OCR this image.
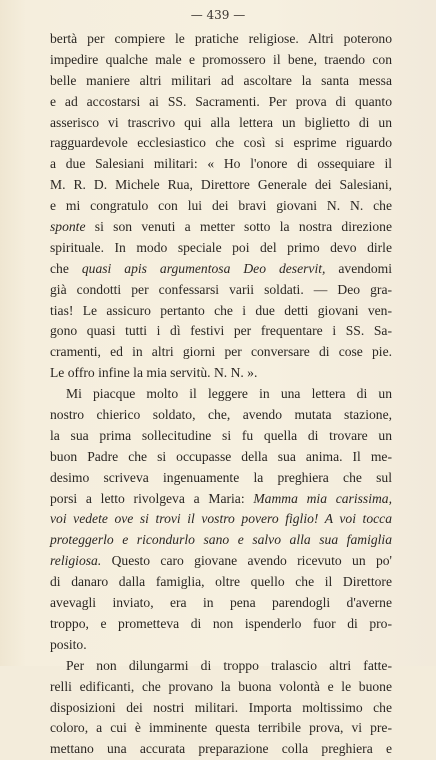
— 439 —
bertà per compiere le pratiche religiose. Altri poterono
impedire qualche male e promossero il bene, traendo con
belle maniere altri militari ad ascoltare la santa messa
e ad accostarsi ai SS. Sacramenti. Per prova di quanto
asserisco vi trascrivo qui alla lettera un biglietto di un
ragguardevole ecclesiastico che così si esprime riguardo
a due Salesiani militari: « Ho l'onore di ossequiare il
M. R. D. Michele Rua, Direttore Generale dei Salesiani,
e mi congratulo con lui dei bravi giovani N. N. che
sponte si son venuti a metter sotto la nostra direzione
spirituale. In modo speciale poi del primo devo dirle
che quasi apis argumentosa Deo deservit, avendomi
già condotti per confessarsi varii soldati. — Deo gra-
tias! Le assicuro pertanto che i due detti giovani ven-
gono quasi tutti i dì festivi per frequentare i SS. Sa-
cramenti, ed in altri giorni per conversare di cose pie.
Le offro infine la mia servitù. N. N. ».
Mi piacque molto il leggere in una lettera di un
nostro chierico soldato, che, avendo mutata stazione,
la sua prima sollecitudine si fu quella di trovare un
buon Padre che si occupasse della sua anima. Il me-
desimo scriveva ingenuamente la preghiera che sul
porsi a letto rivolgeva a Maria: Mamma mia carissima,
voi vedete ove si trovi il vostro povero figlio! A voi tocca
proteggerlo e ricondurlo sano e salvo alla sua famiglia
religiosa. Questo caro giovane avendo ricevuto un po'
di danaro dalla famiglia, oltre quello che il Direttore
avevagli inviato, era in pena parendogli d'averne
troppo, e prometteva di non ispenderlo fuor di pro-
posito.
Per non dilungarmi di troppo tralascio altri fatte-
relli edificanti, che provano la buona volontà e le buone
disposizioni dei nostri militari. Importa moltissimo che
coloro, a cui è imminente questa terribile prova, vi pre-
mettano una accurata preparazione colla preghiera e
